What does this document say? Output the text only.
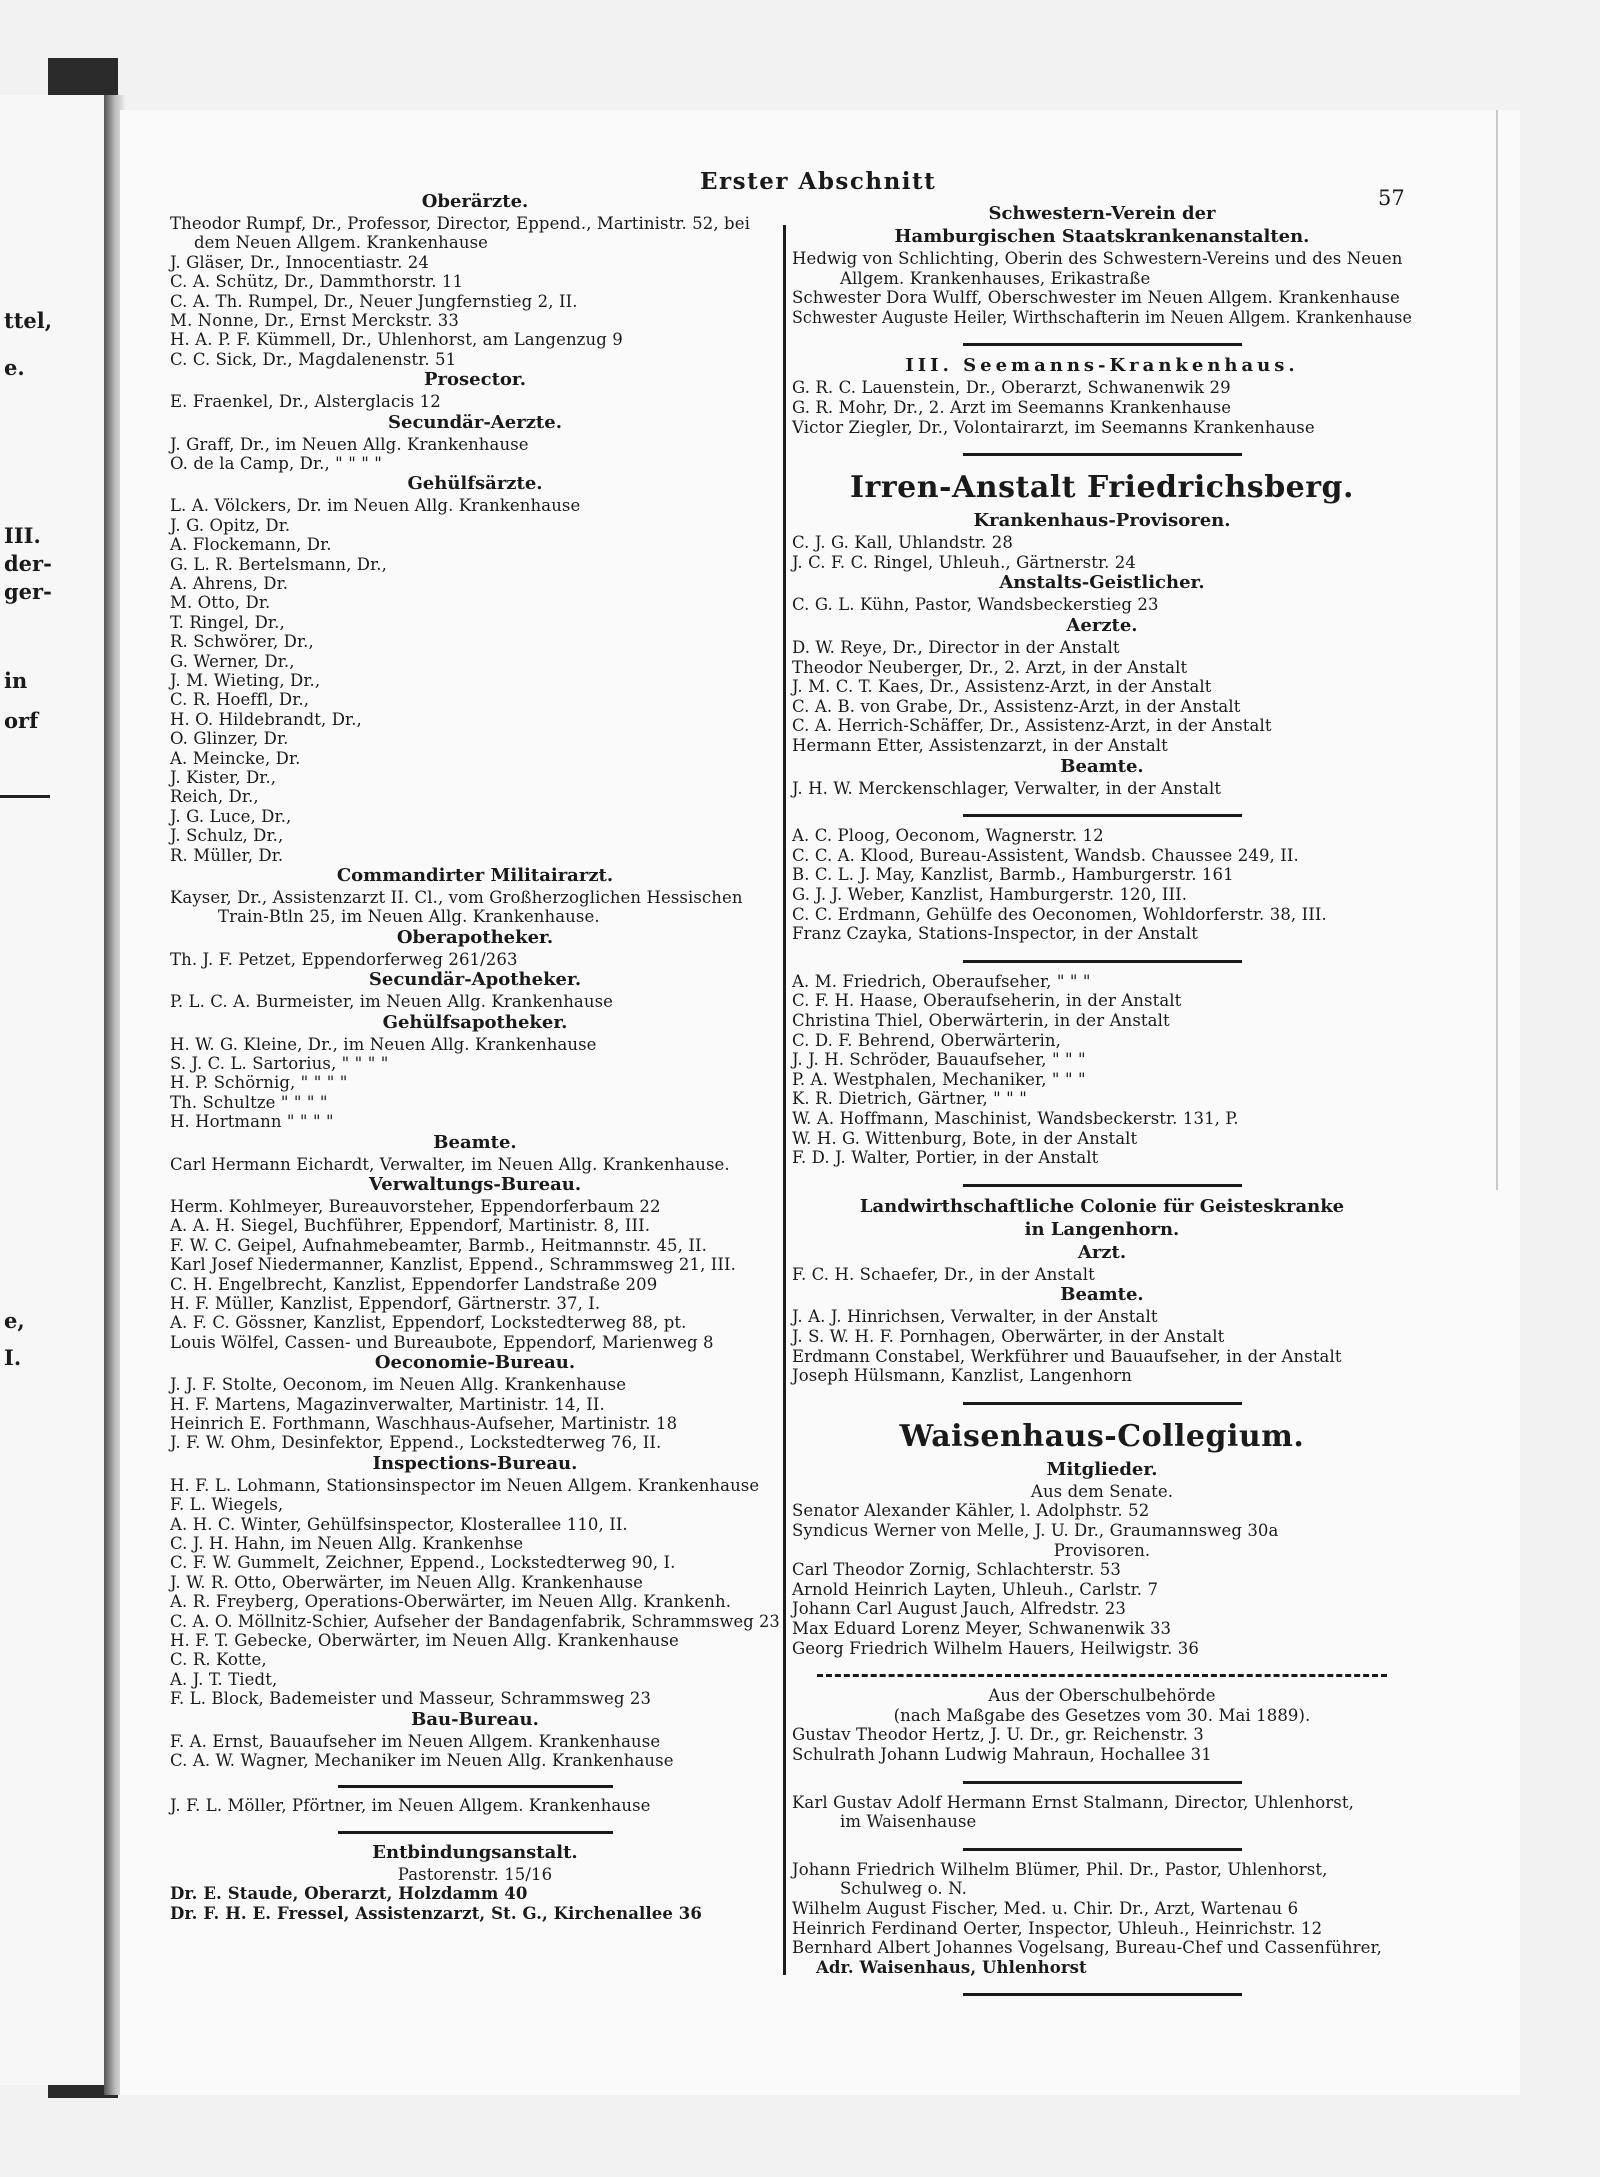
ttel,
e.
III.
der-
ger-
in
orf
e,
I.
Erster Abschnitt
57
Oberärzte.
Theodor Rumpf, Dr., Professor, Director, Eppend., Martinistr. 52, bei
dem Neuen Allgem. Krankenhause
J. Gläser, Dr., Innocentiastr. 24
C. A. Schütz, Dr., Dammthorstr. 11
C. A. Th. Rumpel, Dr., Neuer Jungfernstieg 2, II.
M. Nonne, Dr., Ernst Merckstr. 33
H. A. P. F. Kümmell, Dr., Uhlenhorst, am Langenzug 9
C. C. Sick, Dr., Magdalenenstr. 51
Prosector.
E. Fraenkel, Dr., Alsterglacis 12
Secundär-Aerzte.
J. Graff, Dr., im Neuen Allg. Krankenhause
O. de la Camp, Dr., " " " "
Gehülfsärzte.
L. A. Völckers, Dr. im Neuen Allg. Krankenhause
J. G. Opitz, Dr.
A. Flockemann, Dr.
G. L. R. Bertelsmann, Dr.,
A. Ahrens, Dr.
M. Otto, Dr.
T. Ringel, Dr.,
R. Schwörer, Dr.,
G. Werner, Dr.,
J. M. Wieting, Dr.,
C. R. Hoeffl, Dr.,
H. O. Hildebrandt, Dr.,
O. Glinzer, Dr.
A. Meincke, Dr.
J. Kister, Dr.,
Reich, Dr.,
J. G. Luce, Dr.,
J. Schulz, Dr.,
R. Müller, Dr.
Commandirter Militairarzt.
Kayser, Dr., Assistenzarzt II. Cl., vom Großherzoglichen Hessischen
Train-Btln 25, im Neuen Allg. Krankenhause.
Oberapotheker.
Th. J. F. Petzet, Eppendorferweg 261/263
Secundär-Apotheker.
P. L. C. A. Burmeister, im Neuen Allg. Krankenhause
Gehülfsapotheker.
H. W. G. Kleine, Dr., im Neuen Allg. Krankenhause
S. J. C. L. Sartorius, " " " "
H. P. Schörnig, " " " "
Th. Schultze " " " "
H. Hortmann " " " "
Beamte.
Carl Hermann Eichardt, Verwalter, im Neuen Allg. Krankenhause.
Verwaltungs-Bureau.
Herm. Kohlmeyer, Bureauvorsteher, Eppendorferbaum 22
A. A. H. Siegel, Buchführer, Eppendorf, Martinistr. 8, III.
F. W. C. Geipel, Aufnahmebeamter, Barmb., Heitmannstr. 45, II.
Karl Josef Niedermanner, Kanzlist, Eppend., Schrammsweg 21, III.
C. H. Engelbrecht, Kanzlist, Eppendorfer Landstraße 209
H. F. Müller, Kanzlist, Eppendorf, Gärtnerstr. 37, I.
A. F. C. Gössner, Kanzlist, Eppendorf, Lockstedterweg 88, pt.
Louis Wölfel, Cassen- und Bureaubote, Eppendorf, Marienweg 8
Oeconomie-Bureau.
J. J. F. Stolte, Oeconom, im Neuen Allg. Krankenhause
H. F. Martens, Magazinverwalter, Martinistr. 14, II.
Heinrich E. Forthmann, Waschhaus-Aufseher, Martinistr. 18
J. F. W. Ohm, Desinfektor, Eppend., Lockstedterweg 76, II.
Inspections-Bureau.
H. F. L. Lohmann, Stationsinspector im Neuen Allgem. Krankenhause
F. L. Wiegels,
A. H. C. Winter, Gehülfsinspector, Klosterallee 110, II.
C. J. H. Hahn, im Neuen Allg. Krankenhse
C. F. W. Gummelt, Zeichner, Eppend., Lockstedterweg 90, I.
J. W. R. Otto, Oberwärter, im Neuen Allg. Krankenhause
A. R. Freyberg, Operations-Oberwärter, im Neuen Allg. Krankenh.
C. A. O. Möllnitz-Schier, Aufseher der Bandagenfabrik, Schrammsweg 23
H. F. T. Gebecke, Oberwärter, im Neuen Allg. Krankenhause
C. R. Kotte,
A. J. T. Tiedt,
F. L. Block, Bademeister und Masseur, Schrammsweg 23
Bau-Bureau.
F. A. Ernst, Bauaufseher im Neuen Allgem. Krankenhause
C. A. W. Wagner, Mechaniker im Neuen Allg. Krankenhause
J. F. L. Möller, Pförtner, im Neuen Allgem. Krankenhause
Entbindungsanstalt.
Pastorenstr. 15/16
Dr. E. Staude, Oberarzt, Holzdamm 40
Dr. F. H. E. Fressel, Assistenzarzt, St. G., Kirchenallee 36
Schwestern-Verein der
Hamburgischen Staatskrankenanstalten.
Hedwig von Schlichting, Oberin des Schwestern-Vereins und des Neuen
Allgem. Krankenhauses, Erikastraße
Schwester Dora Wulff, Oberschwester im Neuen Allgem. Krankenhause
Schwester Auguste Heiler, Wirthschafterin im Neuen Allgem. Krankenhause
III. Seemanns-Krankenhaus.
G. R. C. Lauenstein, Dr., Oberarzt, Schwanenwik 29
G. R. Mohr, Dr., 2. Arzt im Seemanns Krankenhause
Victor Ziegler, Dr., Volontairarzt, im Seemanns Krankenhause
Irren-Anstalt Friedrichsberg.
Krankenhaus-Provisoren.
C. J. G. Kall, Uhlandstr. 28
J. C. F. C. Ringel, Uhleuh., Gärtnerstr. 24
Anstalts-Geistlicher.
C. G. L. Kühn, Pastor, Wandsbeckerstieg 23
Aerzte.
D. W. Reye, Dr., Director in der Anstalt
Theodor Neuberger, Dr., 2. Arzt, in der Anstalt
J. M. C. T. Kaes, Dr., Assistenz-Arzt, in der Anstalt
C. A. B. von Grabe, Dr., Assistenz-Arzt, in der Anstalt
C. A. Herrich-Schäffer, Dr., Assistenz-Arzt, in der Anstalt
Hermann Etter, Assistenzarzt, in der Anstalt
Beamte.
J. H. W. Merckenschlager, Verwalter, in der Anstalt
A. C. Ploog, Oeconom, Wagnerstr. 12
C. C. A. Klood, Bureau-Assistent, Wandsb. Chaussee 249, II.
B. C. L. J. May, Kanzlist, Barmb., Hamburgerstr. 161
G. J. J. Weber, Kanzlist, Hamburgerstr. 120, III.
C. C. Erdmann, Gehülfe des Oeconomen, Wohldorferstr. 38, III.
Franz Czayka, Stations-Inspector, in der Anstalt
A. M. Friedrich, Oberaufseher, " " "
C. F. H. Haase, Oberaufseherin, in der Anstalt
Christina Thiel, Oberwärterin, in der Anstalt
C. D. F. Behrend, Oberwärterin,
J. J. H. Schröder, Bauaufseher, " " "
P. A. Westphalen, Mechaniker, " " "
K. R. Dietrich, Gärtner, " " "
W. A. Hoffmann, Maschinist, Wandsbeckerstr. 131, P.
W. H. G. Wittenburg, Bote, in der Anstalt
F. D. J. Walter, Portier, in der Anstalt
Landwirthschaftliche Colonie für Geisteskranke
in Langenhorn.
Arzt.
F. C. H. Schaefer, Dr., in der Anstalt
Beamte.
J. A. J. Hinrichsen, Verwalter, in der Anstalt
J. S. W. H. F. Pornhagen, Oberwärter, in der Anstalt
Erdmann Constabel, Werkführer und Bauaufseher, in der Anstalt
Joseph Hülsmann, Kanzlist, Langenhorn
Waisenhaus-Collegium.
Mitglieder.
Aus dem Senate.
Senator Alexander Kähler, l. Adolphstr. 52
Syndicus Werner von Melle, J. U. Dr., Graumannsweg 30a
Provisoren.
Carl Theodor Zornig, Schlachterstr. 53
Arnold Heinrich Layten, Uhleuh., Carlstr. 7
Johann Carl August Jauch, Alfredstr. 23
Max Eduard Lorenz Meyer, Schwanenwik 33
Georg Friedrich Wilhelm Hauers, Heilwigstr. 36
Aus der Oberschulbehörde
(nach Maßgabe des Gesetzes vom 30. Mai 1889).
Gustav Theodor Hertz, J. U. Dr., gr. Reichenstr. 3
Schulrath Johann Ludwig Mahraun, Hochallee 31
Karl Gustav Adolf Hermann Ernst Stalmann, Director, Uhlenhorst,
im Waisenhause
Johann Friedrich Wilhelm Blümer, Phil. Dr., Pastor, Uhlenhorst,
Schulweg o. N.
Wilhelm August Fischer, Med. u. Chir. Dr., Arzt, Wartenau 6
Heinrich Ferdinand Oerter, Inspector, Uhleuh., Heinrichstr. 12
Bernhard Albert Johannes Vogelsang, Bureau-Chef und Cassenführer,
Adr. Waisenhaus, Uhlenhorst
